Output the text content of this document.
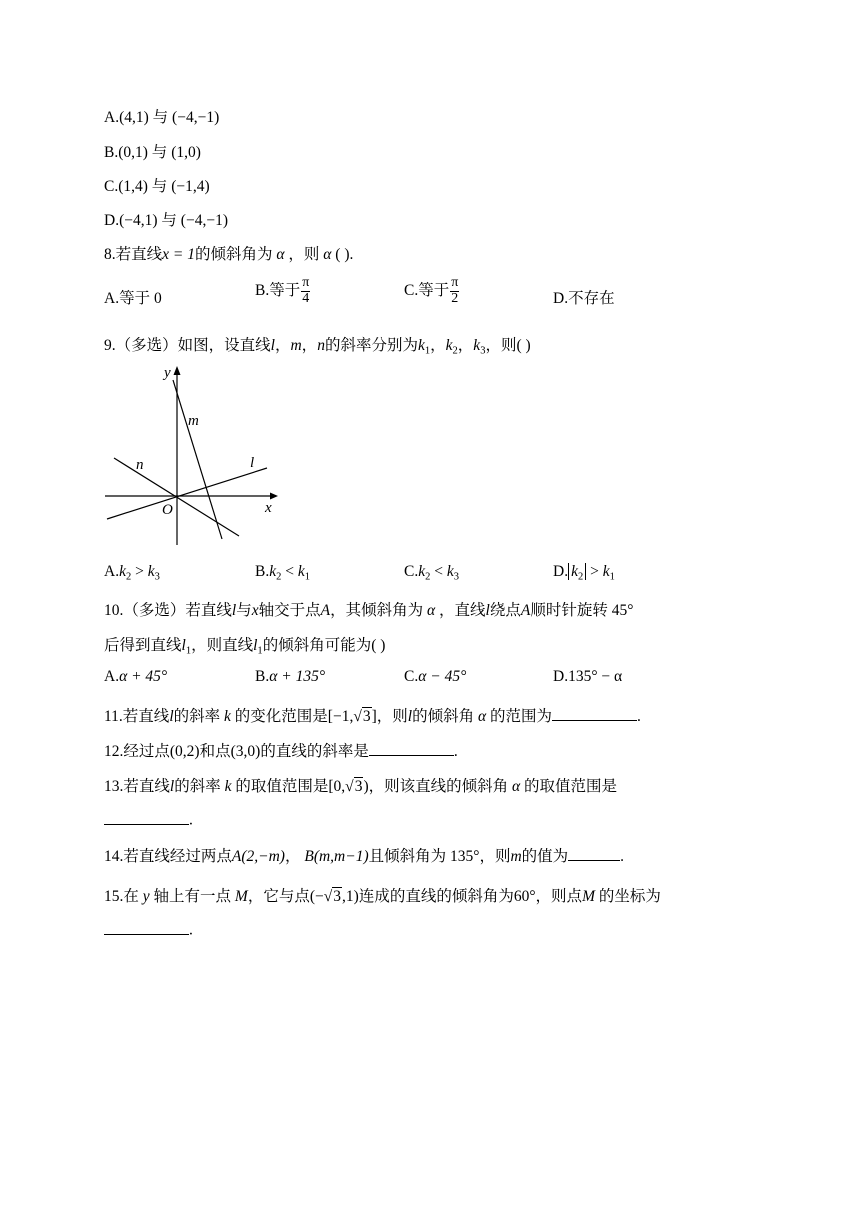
A.(4,1) 与 (−4,−1)
B.(0,1) 与 (1,0)
C.(1,4) 与 (−1,4)
D.(−4,1) 与 (−4,−1)
8.若直线x = 1的倾斜角为 α ，则 α ( ).
A.等于 0	B.等于 $\frac{\pi}{4}$	C.等于 $\frac{\pi}{2}$	D.不存在
9.（多选）如图，设直线l，m，n的斜率分别为$k_1$，$k_2$，$k_3$，则( )
y
x
O
m
n	l
$A.k_2 > k_3$	$B.k_2 < k_1$	$C.k_2 < k_3$	D. $k_2 > k_1$
10.（多选）若直线l与x轴交于点A，其倾斜角为 α ，直线l绕点A顺时针旋转 45°
后得到直线$l_1$，则直线$l_1$的倾斜角可能为( )
A.α + 45°	B.α + 135°	C.α − 45°	D.135° − α
11.若直线l的斜率 k 的变化范围是[−1,√3]，则l的倾斜角 α 的范围为	.
12.经过点(0,2)和点(3,0)的直线的斜率是	.
13.若直线l的斜率 k 的取值范围是[0,√3)，则该直线的倾斜角 α 的取值范围是
.
14.若直线经过两点A(2,−m)， B(m,m−1)且倾斜角为 135°，则m的值为	.
15.在 y 轴上有一点 M，它与点(−√3,1)连成的直线的倾斜角为60°，则点M 的坐标为
.
